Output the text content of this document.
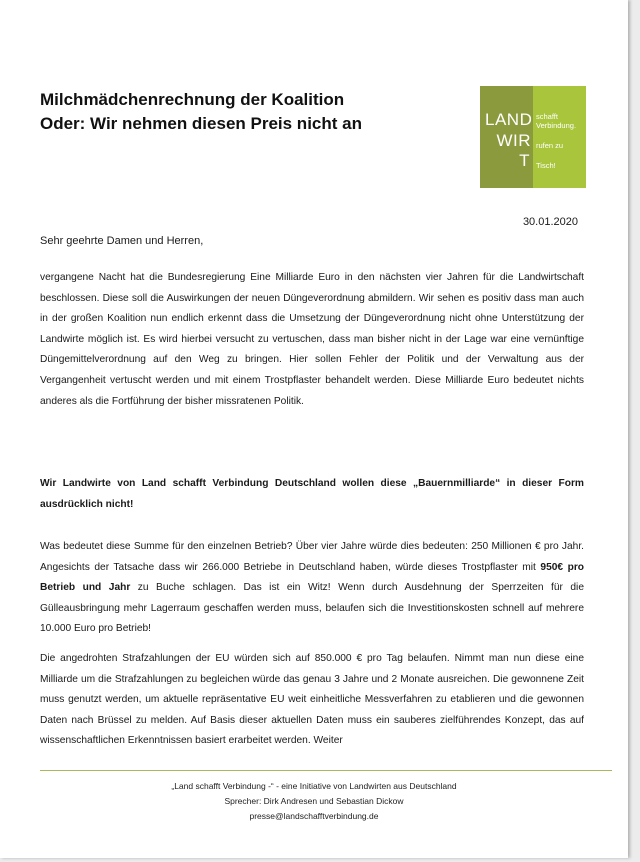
Milchmädchenrechnung der Koalition
Oder: Wir nehmen diesen Preis nicht an	LAND
WIR
T
schafft
Verbindung.
rufen zu
Tisch!
30.01.2020
Sehr geehrte Damen und Herren,

vergangene Nacht hat die Bundesregierung Eine Milliarde Euro in den nächsten vier Jahren für die Landwirtschaft beschlossen. Diese soll die Auswirkungen der neuen Düngeverordnung abmildern. Wir sehen es positiv dass man auch in der großen Koalition nun endlich erkennt dass die Umsetzung der Düngeverordnung nicht ohne Unterstützung der Landwirte möglich ist. Es wird hierbei versucht zu vertuschen, dass man bisher nicht in der Lage war eine vernünftige Düngemittelverordnung auf den Weg zu bringen. Hier sollen Fehler der Politik und der Verwaltung aus der Vergangenheit vertuscht werden und mit einem Trostpflaster behandelt werden. Diese Milliarde Euro bedeutet nichts anderes als die Fortführung der bisher missratenen Politik.

Wir Landwirte von Land schafft Verbindung Deutschland wollen diese „Bauernmilliarde“ in dieser Form ausdrücklich nicht!

Was bedeutet diese Summe für den einzelnen Betrieb? Über vier Jahre würde dies bedeuten: 250 Millionen € pro Jahr. Angesichts der Tatsache dass wir 266.000 Betriebe in Deutschland haben, würde dieses Trostpflaster mit 950€ pro Betrieb und Jahr zu Buche schlagen. Das ist ein Witz! Wenn durch Ausdehnung der Sperrzeiten für die Gülleausbringung mehr Lagerraum geschaffen werden muss, belaufen sich die Investitionskosten schnell auf mehrere 10.000 Euro pro Betrieb!

Die angedrohten Strafzahlungen der EU würden sich auf 850.000 € pro Tag belaufen. Nimmt man nun diese eine Milliarde um die Strafzahlungen zu begleichen würde das genau 3 Jahre und 2 Monate ausreichen. Die gewonnene Zeit muss genutzt werden, um aktuelle repräsentative EU weit einheitliche Messverfahren zu etablieren und die gewonnen Daten nach Brüssel zu melden. Auf Basis dieser aktuellen Daten muss ein sauberes zielführendes Konzept, das auf wissenschaftlichen Erkenntnissen basiert erarbeitet werden. Weiter

„Land schafft Verbindung -“ - eine Initiative von Landwirten aus Deutschland
Sprecher: Dirk Andresen und Sebastian Dickow
presse@landschafftverbindung.de
